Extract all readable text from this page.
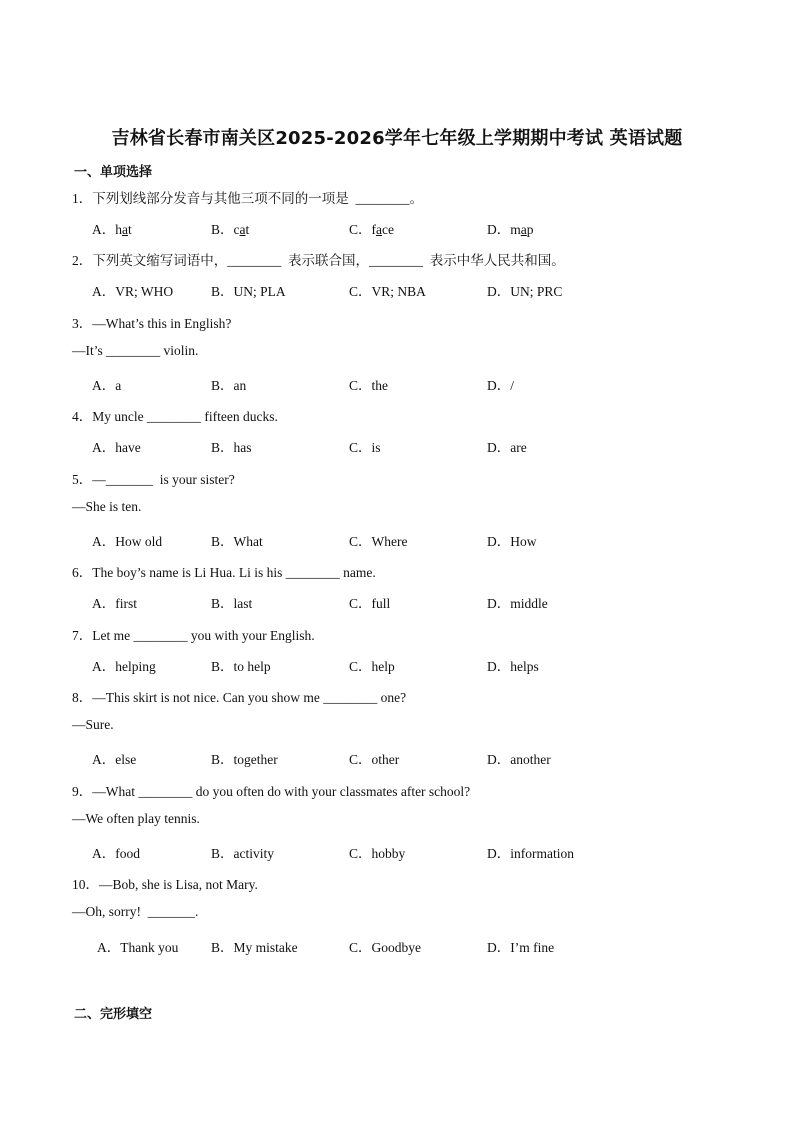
吉林省长春市南关区2025-2026学年七年级上学期期中考试 英语试题
一、单项选择
1．下列划线部分发音与其他三项不同的一项是  ________。
A．hat	B．cat	C．face	D．map
2．下列英文缩写词语中，________  表示联合国，________  表示中华人民共和国。
A．VR; WHO	B．UN; PLA	C．VR; NBA	D．UN; PRC
3．—What’s this in English?
—It’s ________ violin.
A．a	B．an	C．the	D．/
4．My uncle ________ fifteen ducks.
A．have	B．has	C．is	D．are
5．—_______  is your sister?
—She is ten.
A．How old	B．What	C．Where	D．How
6．The boy’s name is Li Hua. Li is his ________ name.
A．first	B．last	C．full	D．middle
7．Let me ________ you with your English.
A．helping	B．to help	C．help	D．helps
8．—This skirt is not nice. Can you show me ________ one?
—Sure.
A．else	B．together	C．other	D．another
9．—What ________ do you often do with your classmates after school?
—We often play tennis.
A．food	B．activity	C．hobby	D．information
10．—Bob, she is Lisa, not Mary.
—Oh, sorry!  _______.
A．Thank you B．My mistake	C．Goodbye	D．I’m fine
二、完形填空
